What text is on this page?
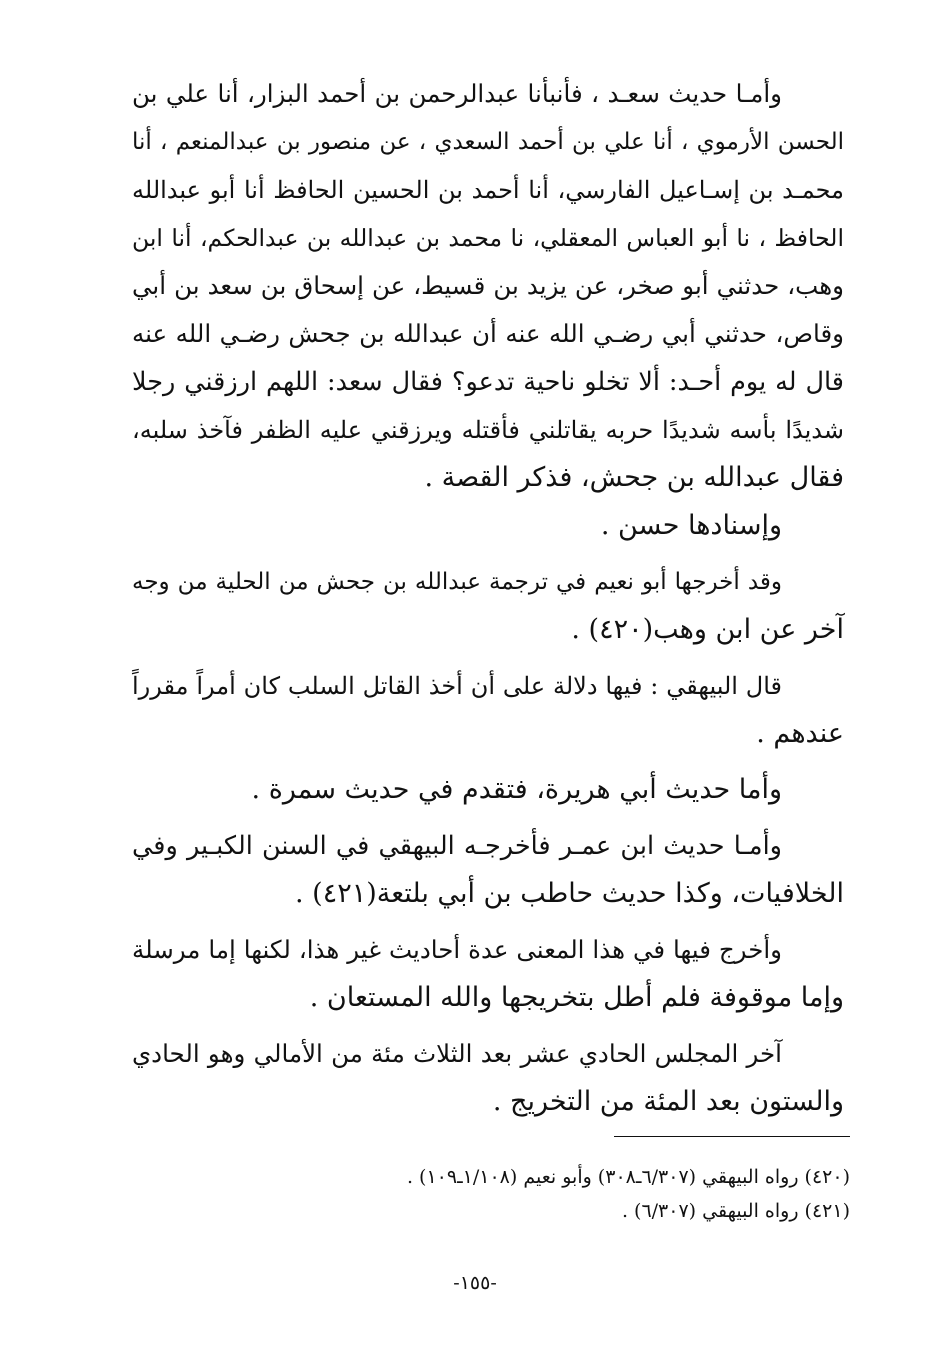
وأمـا حديث سعـد ، فأنبأنا عبدالرحمن بن أحمد البزار، أنا علي بن
الحسن الأرموي ، أنا علي بن أحمد السعدي ، عن منصور بن عبدالمنعم ، أنا
محمـد بن إسـاعيل الفارسي، أنا أحمد بن الحسين الحافظ أنا أبو عبدالله
الحافظ ، نا أبو العباس المعقلي، نا محمد بن عبدالله بن عبدالحكم، أنا ابن
وهب، حدثني أبو صخر، عن يزيد بن قسيط، عن إسحاق بن سعد بن أبي
وقاص، حدثني أبي رضـي الله عنه أن عبدالله بن جحش رضـي الله عنه
قال له يوم أحـد: ألا تخلو ناحية تدعو؟ فقال سعد: اللهم ارزقني رجلا
شديدًا بأسه شديدًا حربه يقاتلني فأقتله ويرزقني عليه الظفر فآخذ سلبه،
فقال عبدالله بن جحش، فذكر القصة .
وإسنادها حسن .
وقد أخرجها أبو نعيم في ترجمة عبدالله بن جحش من الحلية من وجه
آخر عن ابن وهب(٤٢٠) .
قال البيهقي : فيها دلالة على أن أخذ القاتل السلب كان أمراً مقرراً
عندهم .
وأما حديث أبي هريرة، فتقدم في حديث سمرة .
وأمـا حديث ابن عمـر فأخرجـه البيهقي في السنن الكبـير وفي
الخلافيات، وكذا حديث حاطب بن أبي بلتعة(٤٢١) .
وأخرج فيها في هذا المعنى عدة أحاديث غير هذا، لكنها إما مرسلة
وإما موقوفة فلم أطل بتخريجها والله المستعان .
آخر المجلس الحادي عشر بعد الثلاث مئة من الأمالي وهو الحادي
والستون بعد المئة من التخريج .
(٤٢٠) رواه البيهقي (٦/٣٠٧ـ٣٠٨) وأبو نعيم (١/١٠٨ـ١٠٩) .
(٤٢١) رواه البيهقي (٦/٣٠٧) .
-١٥٥-
